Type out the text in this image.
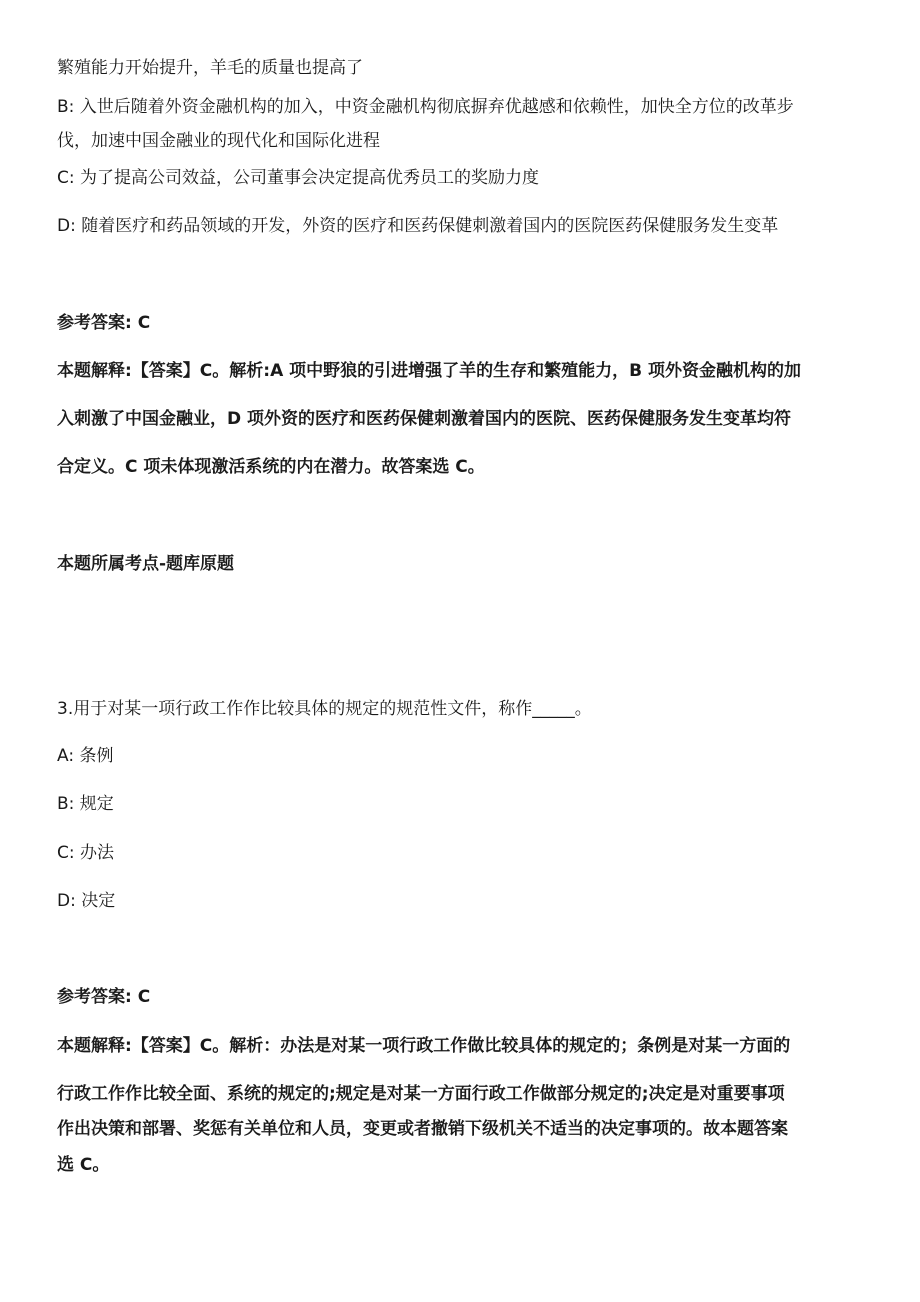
繁殖能力开始提升，羊毛的质量也提高了

B: 入世后随着外资金融机构的加入，中资金融机构彻底摒弃优越感和依赖性，加快全方位的改革步

伐，加速中国金融业的现代化和国际化进程

C: 为了提高公司效益，公司董事会决定提高优秀员工的奖励力度

D: 随着医疗和药品领域的开发，外资的医疗和医药保健刺激着国内的医院医药保健服务发生变革

参考答案: C

本题解释:【答案】C。解析:A 项中野狼的引进增强了羊的生存和繁殖能力，B 项外资金融机构的加

入刺激了中国金融业，D 项外资的医疗和医药保健刺激着国内的医院、医药保健服务发生变革均符

合定义。C 项未体现激活系统的内在潜力。故答案选 C。

本题所属考点-题库原题

3.用于对某一项行政工作作比较具体的规定的规范性文件，称作_____。

A: 条例

B: 规定

C: 办法

D: 决定

参考答案: C

本题解释:【答案】C。解析：办法是对某一项行政工作做比较具体的规定的；条例是对某一方面的

行政工作作比较全面、系统的规定的;规定是对某一方面行政工作做部分规定的;决定是对重要事项

作出决策和部署、奖惩有关单位和人员，变更或者撤销下级机关不适当的决定事项的。故本题答案

选 C。
